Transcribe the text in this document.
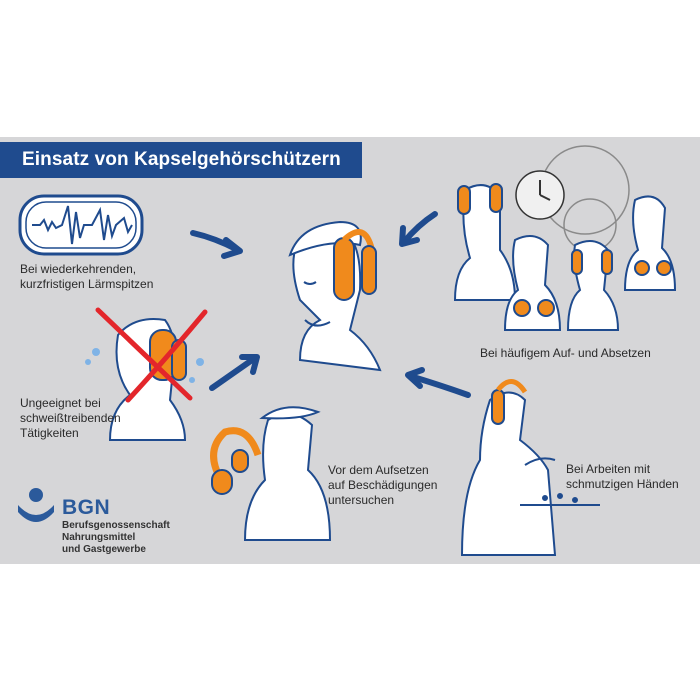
Einsatz von Kapselgehörschützern
Bei wiederkehrenden,
kurzfristigen Lärmspitzen
Ungeeignet bei
schweißtreibenden
Tätigkeiten
Bei häufigem Auf- und Absetzen
Vor dem Aufsetzen
auf Beschädigungen
untersuchen
Bei Arbeiten mit
schmutzigen Händen
BGN
Berufsgenossenschaft
Nahrungsmittel
und Gastgewerbe
